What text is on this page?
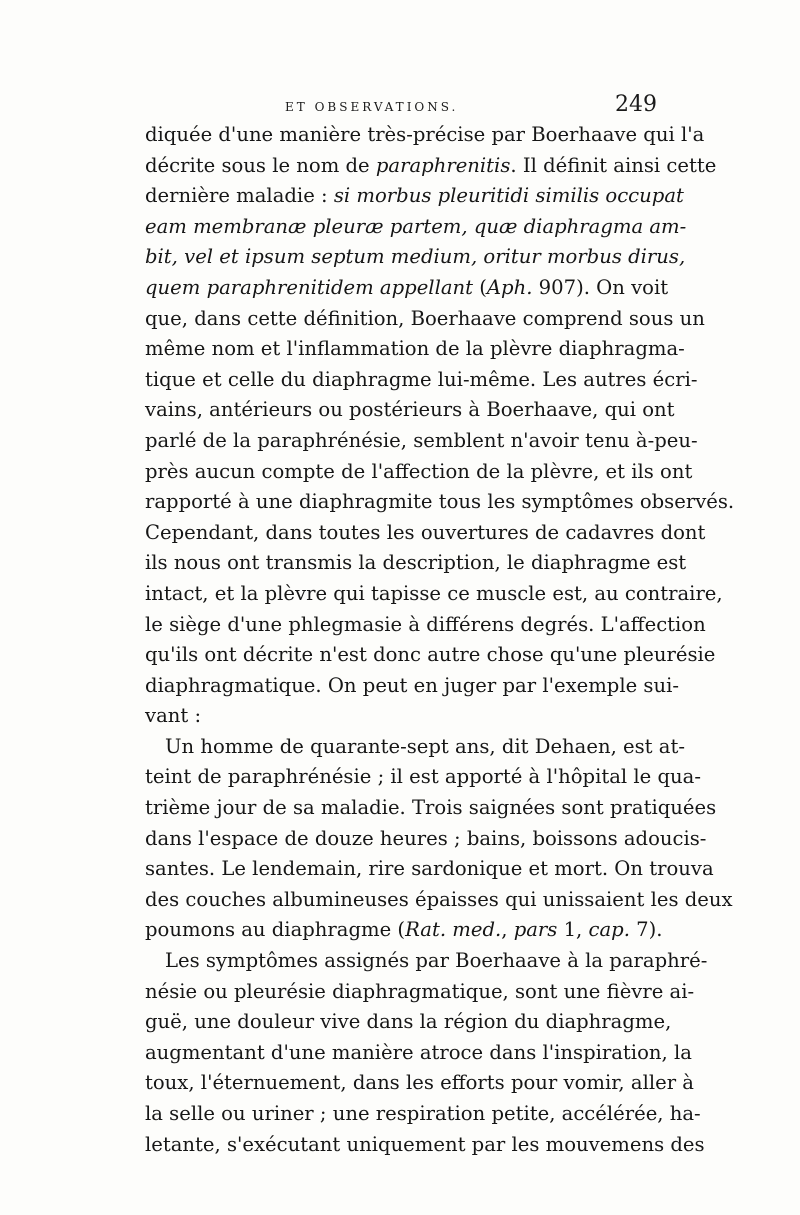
ET OBSERVATIONS.	249
diquée d'une manière très-précise par Boerhaave qui l'a
décrite sous le nom de paraphrenitis. Il définit ainsi cette
dernière maladie : si morbus pleuritidi similis occupat
eam membranæ pleuræ partem, quæ diaphragma am-
bit, vel et ipsum septum medium, oritur morbus dirus,
quem paraphrenitidem appellant (Aph. 907). On voit
que, dans cette définition, Boerhaave comprend sous un
même nom et l'inflammation de la plèvre diaphragma-
tique et celle du diaphragme lui-même. Les autres écri-
vains, antérieurs ou postérieurs à Boerhaave, qui ont
parlé de la paraphrénésie, semblent n'avoir tenu à-peu-
près aucun compte de l'affection de la plèvre, et ils ont
rapporté à une diaphragmite tous les symptômes observés.
Cependant, dans toutes les ouvertures de cadavres dont
ils nous ont transmis la description, le diaphragme est
intact, et la plèvre qui tapisse ce muscle est, au contraire,
le siège d'une phlegmasie à différens degrés. L'affection
qu'ils ont décrite n'est donc autre chose qu'une pleurésie
diaphragmatique. On peut en juger par l'exemple sui-
vant :
Un homme de quarante-sept ans, dit Dehaen, est at-
teint de paraphrénésie ; il est apporté à l'hôpital le qua-
trième jour de sa maladie. Trois saignées sont pratiquées
dans l'espace de douze heures ; bains, boissons adoucis-
santes. Le lendemain, rire sardonique et mort. On trouva
des couches albumineuses épaisses qui unissaient les deux
poumons au diaphragme (Rat. med., pars 1, cap. 7).
Les symptômes assignés par Boerhaave à la paraphré-
nésie ou pleurésie diaphragmatique, sont une fièvre ai-
guë, une douleur vive dans la région du diaphragme,
augmentant d'une manière atroce dans l'inspiration, la
toux, l'éternuement, dans les efforts pour vomir, aller à
la selle ou uriner ; une respiration petite, accélérée, ha-
letante, s'exécutant uniquement par les mouvemens des
